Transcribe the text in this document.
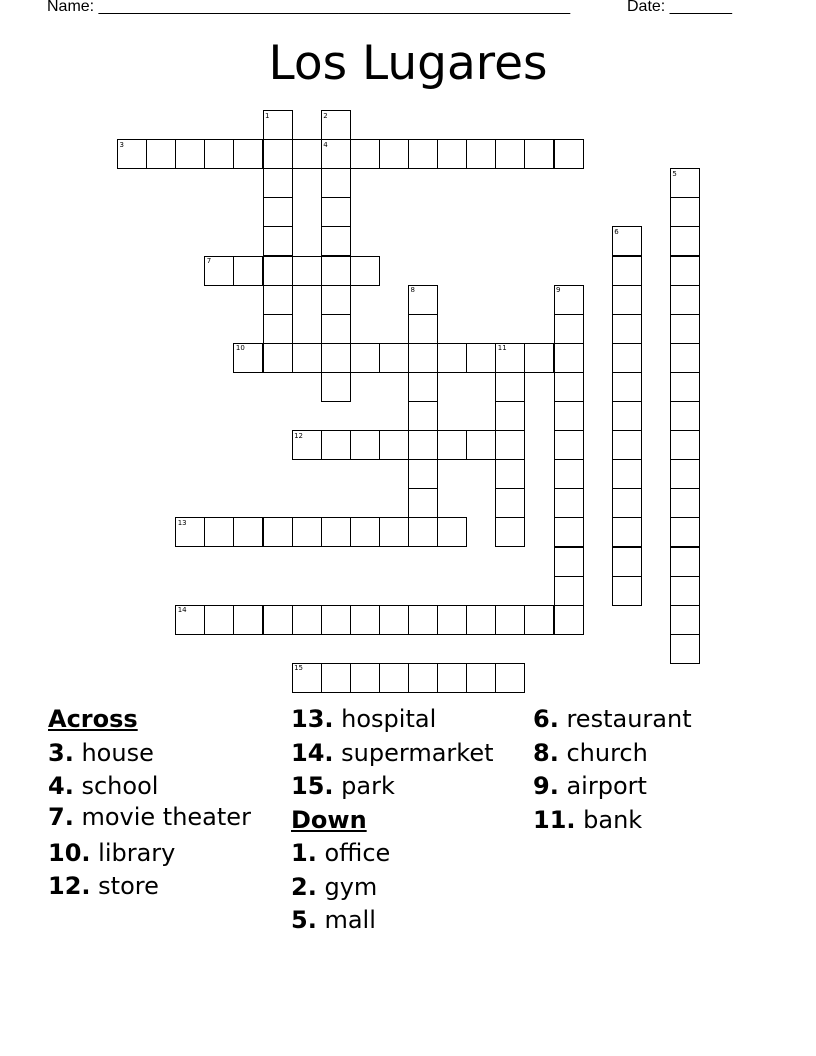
Name: _____________________________________________________	Date: _______
Los Lugares
1	2
3	4
5
6
7
8	9
10	11
12
13
14
15

Across

3. house

4. school

7. movie theater

10. library

12. store

13. hospital

14. supermarket

15. park

Down

1. office

2. gym

5. mall

6. restaurant

8. church

9. airport

11. bank
